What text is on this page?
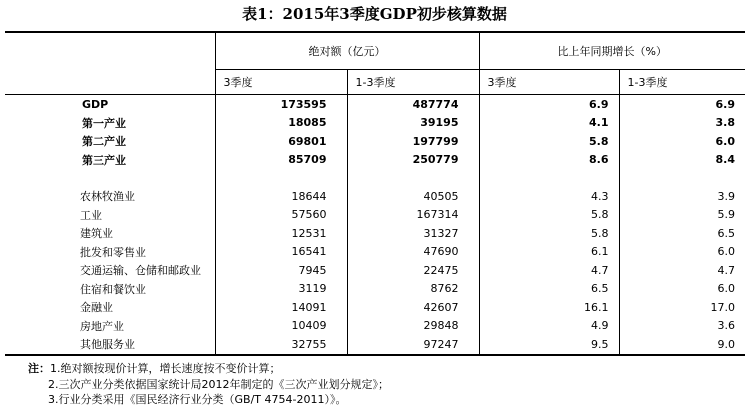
表1：2015年3季度GDP初步核算数据
	绝对额（亿元）		比上年同期增长（%）	
	3季度	1-3季度	3季度	1-3季度
GDP	173595	487774	6.9	6.9
第一产业	18085	39195	4.1	3.8
第二产业	69801	197799	5.8	6.0
第三产业	85709	250779	8.6	8.4

农林牧渔业	18644	40505	4.3	3.9
工业	57560	167314	5.8	5.9
建筑业	12531	31327	5.8	6.5
批发和零售业	16541	47690	6.1	6.0
交通运输、仓储和邮政业	7945	22475	4.7	4.7
住宿和餐饮业	3119	8762	6.5	6.0
金融业	14091	42607	16.1	17.0
房地产业	10409	29848	4.9	3.6
其他服务业	32755	97247	9.5	9.0
注：1.绝对额按现价计算，增长速度按不变价计算；
2.三次产业分类依据国家统计局2012年制定的《三次产业划分规定》；
3.行业分类采用《国民经济行业分类（GB/T 4754-2011）》。
